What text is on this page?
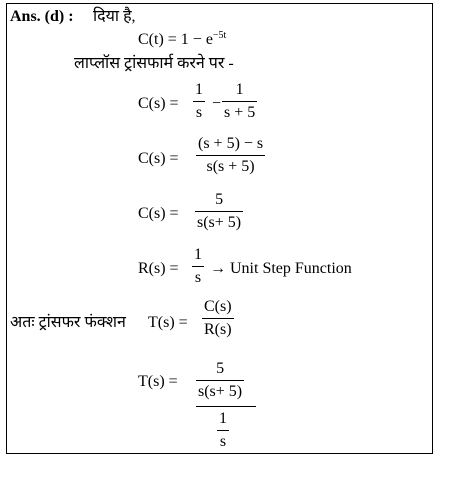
Ans. (d) : दिया है,
$C(t) = 1 - e^{-5t}$
लाप्लॉस ट्रांसफार्म करने पर -
C(s) =
1
s
−
1
s + 5
C(s) =
(s + 5) − s
s(s + 5)
C(s) =
5
s(s+ 5)
R(s) =
1
s
→ Unit Step Function
अतः ट्रांसफर फंक्शन T(s) =
C(s)
R(s)
T(s) =
5
s(s+ 5)
1
s
